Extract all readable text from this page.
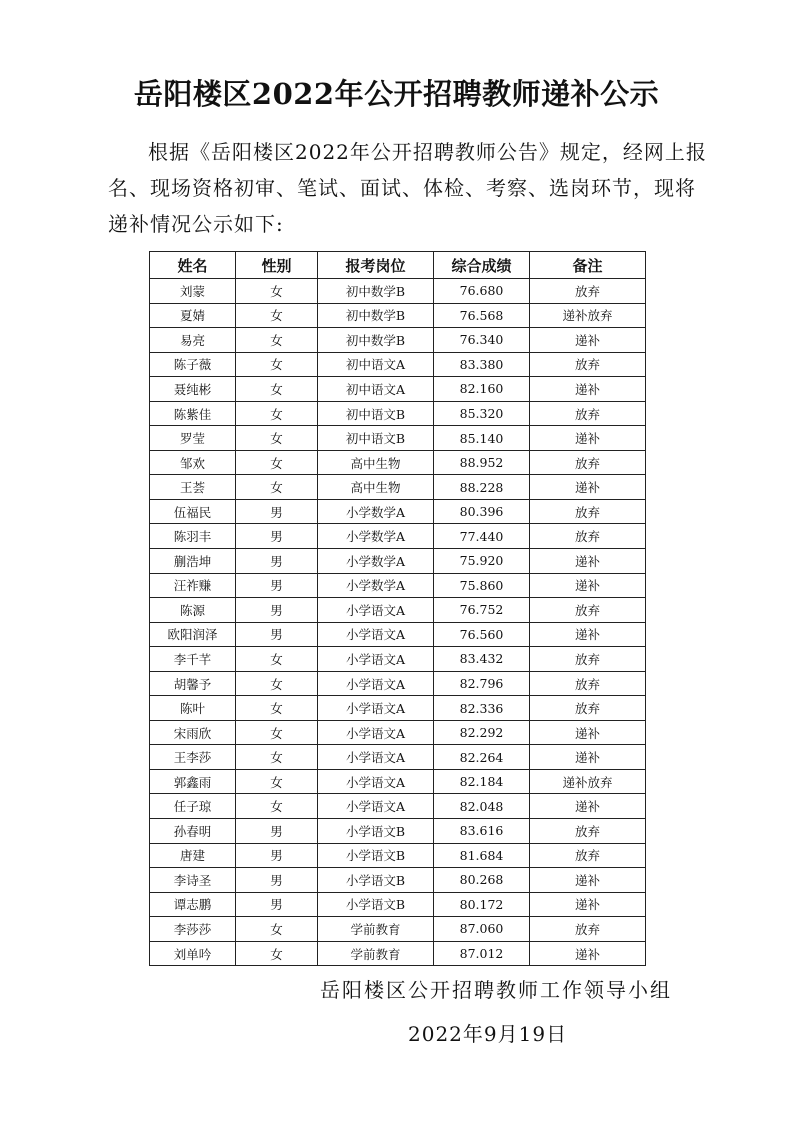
岳阳楼区2022年公开招聘教师递补公示
根据《岳阳楼区2022年公开招聘教师公告》规定，经网上报名、现场资格初审、笔试、面试、体检、考察、选岗环节，现将递补情况公示如下:
姓名	性别	报考岗位	综合成绩	备注
刘蒙	女	初中数学B	76.680	放弃
夏婧	女	初中数学B	76.568	递补放弃
易亮	女	初中数学B	76.340	递补
陈子薇	女	初中语文A	83.380	放弃
聂纯彬	女	初中语文A	82.160	递补
陈紫佳	女	初中语文B	85.320	放弃
罗莹	女	初中语文B	85.140	递补
邹欢	女	高中生物	88.952	放弃
王荟	女	高中生物	88.228	递补
伍福民	男	小学数学A	80.396	放弃
陈羽丰	男	小学数学A	77.440	放弃
蒯浩坤	男	小学数学A	75.920	递补
汪祚赚	男	小学数学A	75.860	递补
陈源	男	小学语文A	76.752	放弃
欧阳润泽	男	小学语文A	76.560	递补
李千芊	女	小学语文A	83.432	放弃
胡馨予	女	小学语文A	82.796	放弃
陈叶	女	小学语文A	82.336	放弃
宋雨欣	女	小学语文A	82.292	递补
王李莎	女	小学语文A	82.264	递补
郭鑫雨	女	小学语文A	82.184	递补放弃
任子琼	女	小学语文A	82.048	递补
孙春明	男	小学语文B	83.616	放弃
唐建	男	小学语文B	81.684	放弃
李诗圣	男	小学语文B	80.268	递补
谭志鹏	男	小学语文B	80.172	递补
李莎莎	女	学前教育	87.060	放弃
刘单吟	女	学前教育	87.012	递补
岳阳楼区公开招聘教师工作领导小组
2022年9月19日
